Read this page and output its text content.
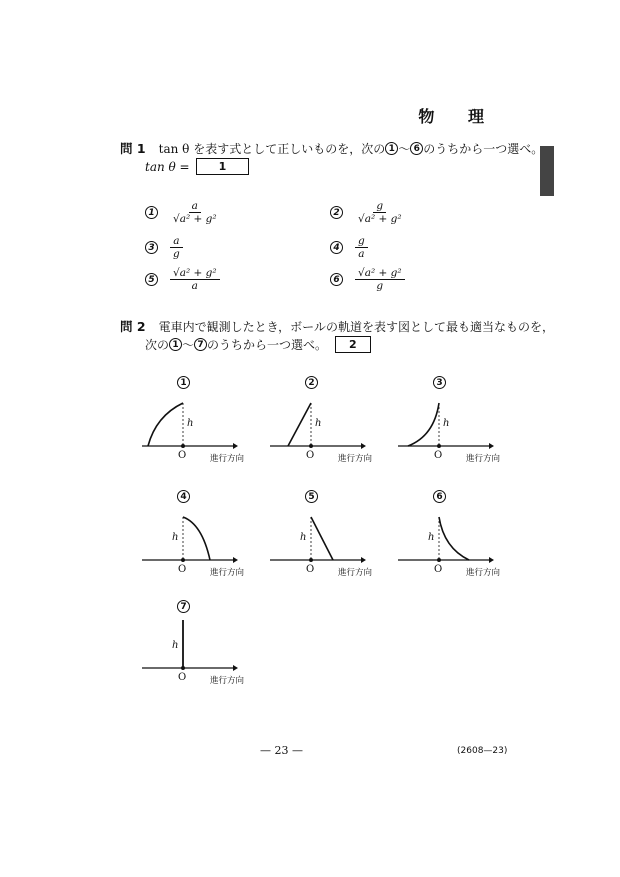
物 理
問 1 tan θ を表す式として正しいものを，次の 1 〜 6 のうちから一つ選べ。
tan θ =	1
1	$\frac{a}{\text{√a² + g²}}$	2	$\frac{g}{\text{√a² + g²}}$
3	$\frac{a}{g}$	4	$\frac{g}{a}$
5	$\frac{\text{√a² + g²}}{a}$	6	$\frac{\text{√a² + g²}}{g}$
問 2 電車内で観測したとき，ボールの軌道を表す図として最も適当なものを，
次の 1 〜 7 のうちから一つ選べ。	2
1
h
O	進行方向
2
h
O	進行方向
3
h
O	進行方向
4
h
O	進行方向
5
h
O	進行方向
6
h
O	進行方向
7
h
O	進行方向
— 23 —	(2608—23)
